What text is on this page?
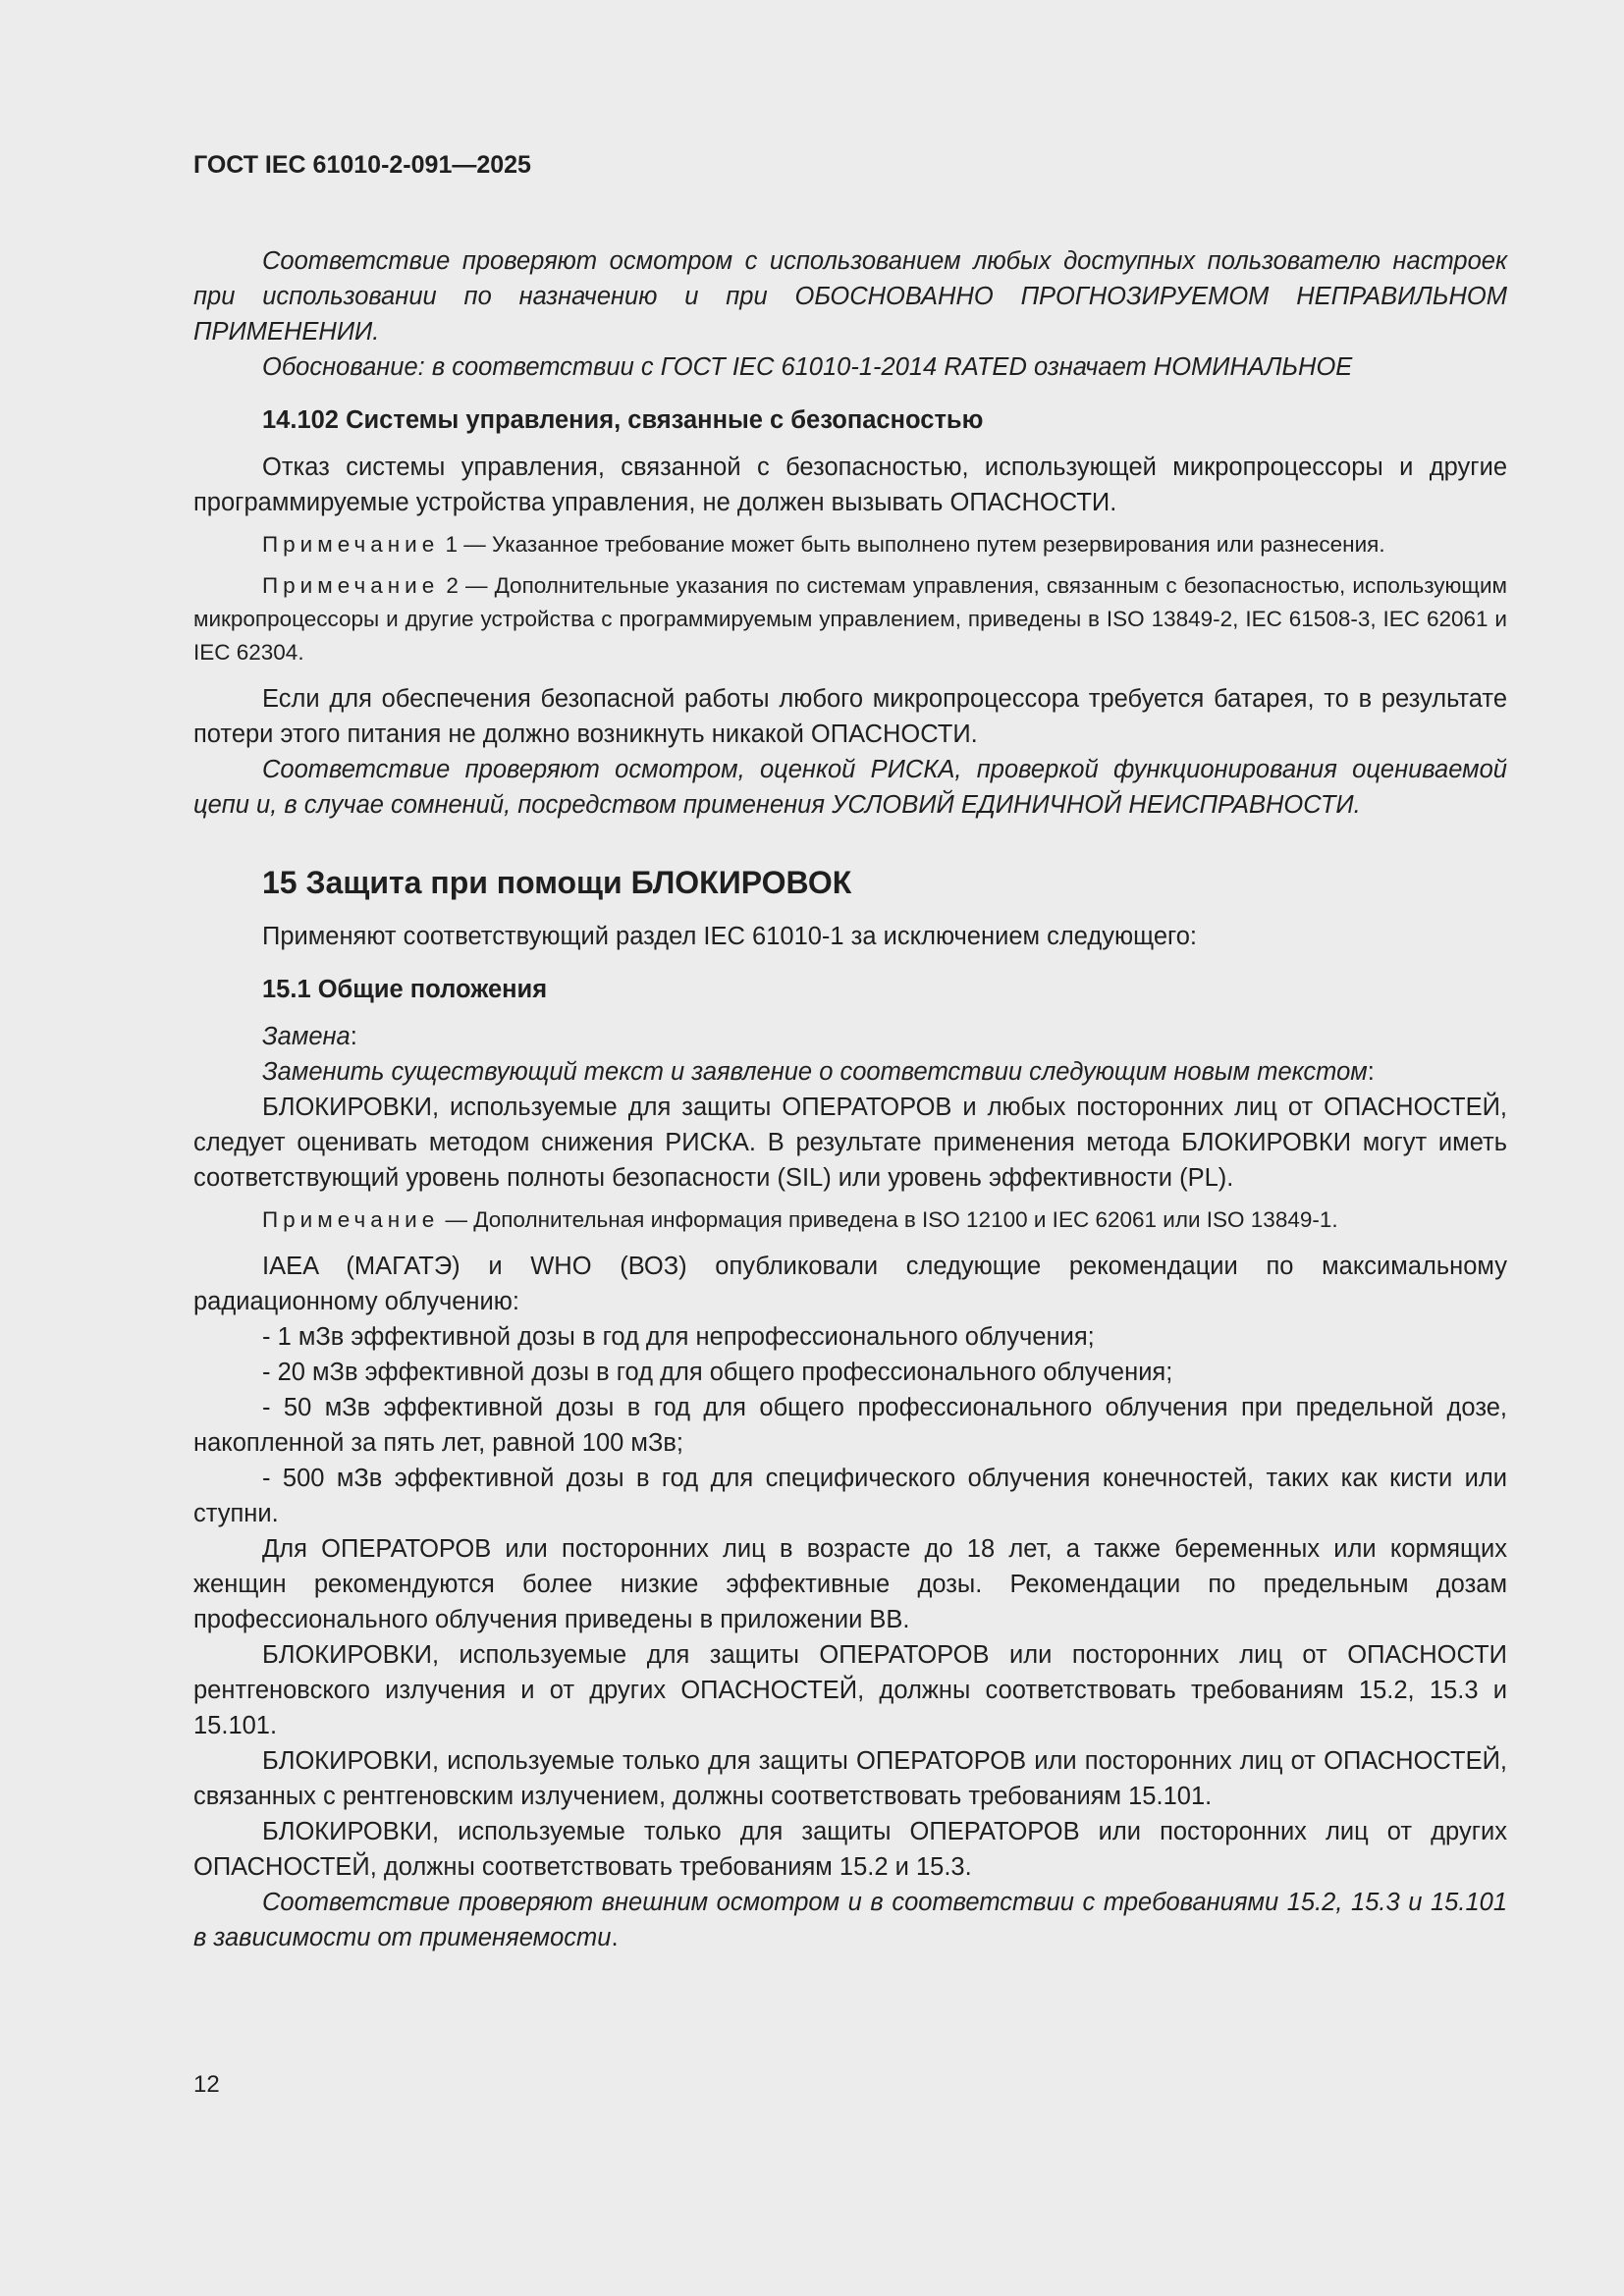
ГОСТ IEC 61010-2-091—2025

Соответствие проверяют осмотром с использованием любых доступных пользователю настроек при использовании по назначению и при ОБОСНОВАННО ПРОГНОЗИРУЕМОМ НЕПРАВИЛЬНОМ ПРИМЕНЕНИИ.

Обоснование: в соответствии с ГОСТ IEC 61010-1-2014 RATED означает НОМИНАЛЬНОЕ

14.102 Системы управления, связанные с безопасностью

Отказ системы управления, связанной с безопасностью, использующей микропроцессоры и другие программируемые устройства управления, не должен вызывать ОПАСНОСТИ.

Примечание 1 — Указанное требование может быть выполнено путем резервирования или разнесения.

Примечание 2 — Дополнительные указания по системам управления, связанным с безопасностью, использующим микропроцессоры и другие устройства с программируемым управлением, приведены в ISO 13849-2, IEC 61508-3, IEC 62061 и IEC 62304.

Если для обеспечения безопасной работы любого микропроцессора требуется батарея, то в результате потери этого питания не должно возникнуть никакой ОПАСНОСТИ.

Соответствие проверяют осмотром, оценкой РИСКА, проверкой функционирования оцениваемой цепи и, в случае сомнений, посредством применения УСЛОВИЙ ЕДИНИЧНОЙ НЕИСПРАВНОСТИ.

15 Защита при помощи БЛОКИРОВОК

Применяют соответствующий раздел IEC 61010-1 за исключением следующего:

15.1 Общие положения

Замена:

Заменить существующий текст и заявление о соответствии следующим новым текстом:

БЛОКИРОВКИ, используемые для защиты ОПЕРАТОРОВ и любых посторонних лиц от ОПАСНОСТЕЙ, следует оценивать методом снижения РИСКА. В результате применения метода БЛОКИРОВКИ могут иметь соответствующий уровень полноты безопасности (SIL) или уровень эффективности (PL).

Примечание — Дополнительная информация приведена в ISO 12100 и IEC 62061 или ISO 13849-1.

IAEA (МАГАТЭ) и WHO (ВОЗ) опубликовали следующие рекомендации по максимальному радиационному облучению:

- 1 мЗв эффективной дозы в год для непрофессионального облучения;

- 20 мЗв эффективной дозы в год для общего профессионального облучения;

- 50 мЗв эффективной дозы в год для общего профессионального облучения при предельной дозе, накопленной за пять лет, равной 100 мЗв;

- 500 мЗв эффективной дозы в год для специфического облучения конечностей, таких как кисти или ступни.

Для ОПЕРАТОРОВ или посторонних лиц в возрасте до 18 лет, а также беременных или кормящих женщин рекомендуются более низкие эффективные дозы. Рекомендации по предельным дозам профессионального облучения приведены в приложении ВВ.

БЛОКИРОВКИ, используемые для защиты ОПЕРАТОРОВ или посторонних лиц от ОПАСНОСТИ рентгеновского излучения и от других ОПАСНОСТЕЙ, должны соответствовать требованиям 15.2, 15.3 и 15.101.

БЛОКИРОВКИ, используемые только для защиты ОПЕРАТОРОВ или посторонних лиц от ОПАСНОСТЕЙ, связанных с рентгеновским излучением, должны соответствовать требованиям 15.101.

БЛОКИРОВКИ, используемые только для защиты ОПЕРАТОРОВ или посторонних лиц от других ОПАСНОСТЕЙ, должны соответствовать требованиям 15.2 и 15.3.

Соответствие проверяют внешним осмотром и в соответствии с требованиями 15.2, 15.3 и 15.101 в зависимости от применяемости.

12
